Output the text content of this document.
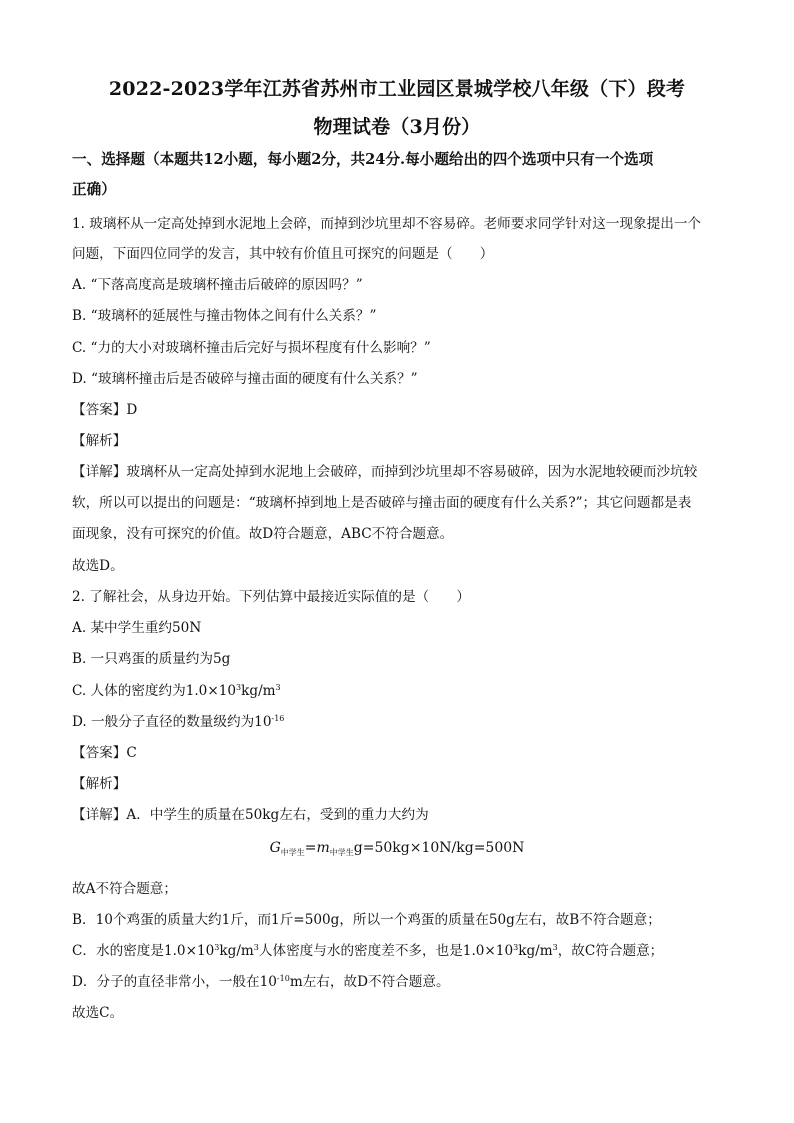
2022-2023学年江苏省苏州市工业园区景城学校八年级（下）段考
物理试卷（3月份）
一、选择题（本题共12小题，每小题2分，共24分.每小题给出的四个选项中只有一个选项
正确）
1. 玻璃杯从一定高处掉到水泥地上会碎，而掉到沙坑里却不容易碎。老师要求同学针对这一现象提出一个
问题，下面四位同学的发言，其中较有价值且可探究的问题是（　　）
A. “下落高度高是玻璃杯撞击后破碎的原因吗？”
B. “玻璃杯的延展性与撞击物体之间有什么关系？”
C. “力的大小对玻璃杯撞击后完好与损坏程度有什么影响？”
D. “玻璃杯撞击后是否破碎与撞击面的硬度有什么关系？”
【答案】D
【解析】
【详解】玻璃杯从一定高处掉到水泥地上会破碎，而掉到沙坑里却不容易破碎，因为水泥地较硬而沙坑较
软，所以可以提出的问题是：“玻璃杯掉到地上是否破碎与撞击面的硬度有什么关系?”；其它问题都是表
面现象，没有可探究的价值。故D符合题意，ABC不符合题意。
故选D。
2. 了解社会，从身边开始。下列估算中最接近实际值的是（　　）
A. 某中学生重约50N
B. 一只鸡蛋的质量约为5g
C. 人体的密度约为$1.0\times 10^3kg/m^3$
D. 一般分子直径的数量级约为$10^{-16}$
【答案】C
【解析】
【详解】A．中学生的质量在50kg左右，受到的重力大约为
$G_{中学生}=m_{中学生}g=50kg\times 10N/kg=500N$
故A不符合题意；
B．10个鸡蛋的质量大约1斤，而1斤=500g，所以一个鸡蛋的质量在50g左右，故B不符合题意；
C．水的密度是$1.0\times 10^3kg/m^3$人体密度与水的密度差不多，也是$1.0\times 10^3kg/m^3$，故C符合题意；
D．分子的直径非常小，一般在$10^{-10}m$左右，故D不符合题意。
故选C。
